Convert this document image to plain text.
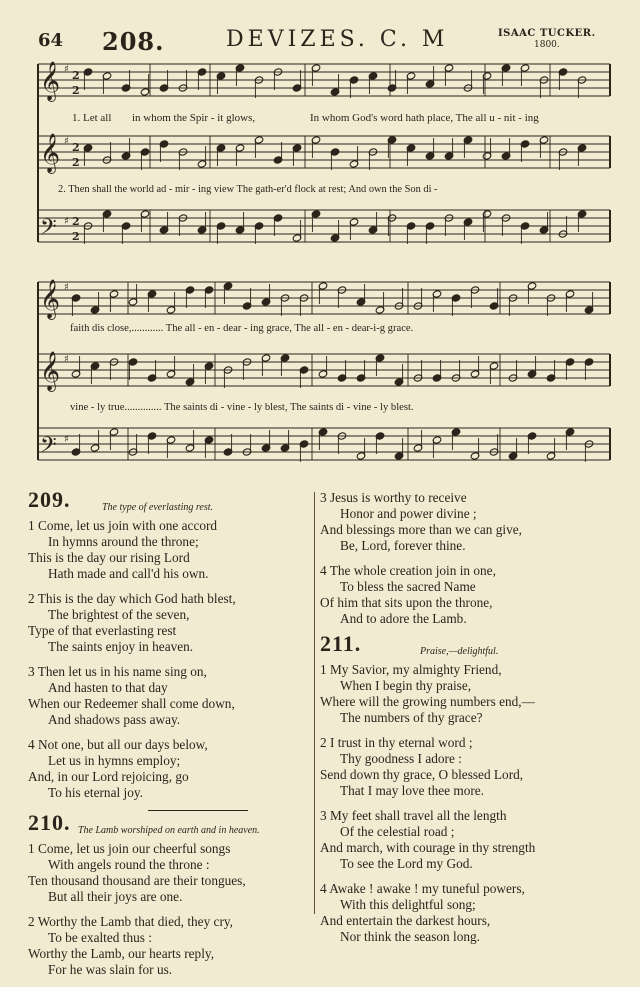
64 208.	DEVIZES. C. M	ISAAC TUCKER.
1800.
𝄞 ♯ 2
2
𝄞 ♯ 2
2
𝄢 ♯ 2
2
𝄞 ♯
𝄞 ♯
𝄢 ♯
1. Let all in whom the Spir - it glows,	In whom God's word hath place, The all u - nit - ing
2. Then shall the world ad - mir - ing view The gath-er'd flock at rest; And own the Son di -
faith dis close,............ The all - en - dear - ing grace, The all - en - dear-i-g grace.
vine - ly true.............. The saints di - vine - ly blest, The saints di - vine - ly blest.
209.	The type of everlasting rest.
1 Come, let us join with one accord
In hymns around the throne;
This is the day our rising Lord
Hath made and call'd his own.
2 This is the day which God hath blest,
The brightest of the seven,
Type of that everlasting rest
The saints enjoy in heaven.
3 Then let us in his name sing on,
And hasten to that day
When our Redeemer shall come down,
And shadows pass away.
4 Not one, but all our days below,
Let us in hymns employ;
And, in our Lord rejoicing, go
To his eternal joy.
210. The Lamb worshiped on earth and in heaven.
1 Come, let us join our cheerful songs
With angels round the throne :
Ten thousand thousand are their tongues,
But all their joys are one.
2 Worthy the Lamb that died, they cry,
To be exalted thus :
Worthy the Lamb, our hearts reply,
For he was slain for us.
3 Jesus is worthy to receive
Honor and power divine ;
And blessings more than we can give,
Be, Lord, forever thine.
4 The whole creation join in one,
To bless the sacred Name
Of him that sits upon the throne,
And to adore the Lamb.
211.	Praise,—delightful.
1 My Savior, my almighty Friend,
When I begin thy praise,
Where will the growing numbers end,—
The numbers of thy grace?
2 I trust in thy eternal word ;
Thy goodness I adore :
Send down thy grace, O blessed Lord,
That I may love thee more.
3 My feet shall travel all the length
Of the celestial road ;
And march, with courage in thy strength
To see the Lord my God.
4 Awake ! awake ! my tuneful powers,
With this delightful song;
And entertain the darkest hours,
Nor think the season long.
